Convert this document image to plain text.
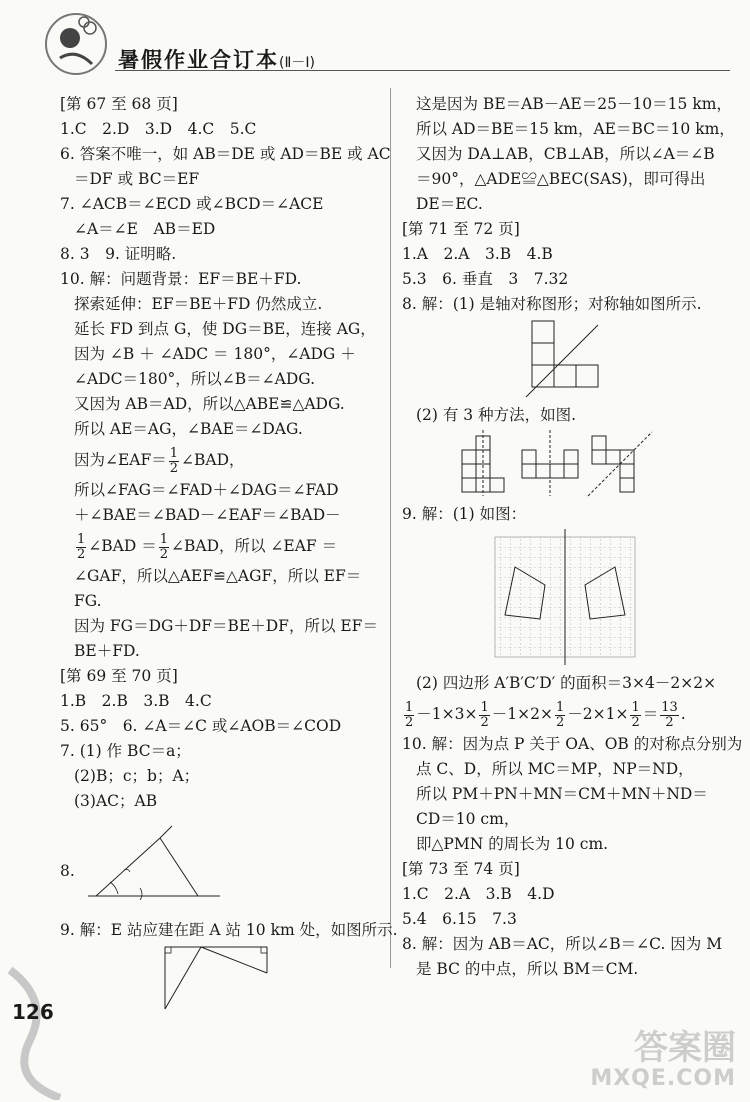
暑假作业合订本(Ⅱ－Ⅰ)
[第 67 至 68 页]
1.C　2.D　3.D　4.C　5.C
6. 答案不唯一，如 AB＝DE 或 AD＝BE 或 AC
＝DF 或 BC＝EF
7. ∠ACB＝∠ECD 或∠BCD＝∠ACE
∠A＝∠E　AB＝ED
8. 3　9. 证明略.
10. 解：问题背景：EF＝BE＋FD.
探索延伸：EF＝BE＋FD 仍然成立.
延长 FD 到点 G，使 DG＝BE，连接 AG，
因为 ∠B ＋ ∠ADC ＝ 180°，∠ADG ＋
∠ADC＝180°，所以∠B＝∠ADG.
又因为 AB＝AD，所以△ABE≌△ADG.
所以 AE＝AG，∠BAE＝∠DAG.
因为∠EAF＝ $\frac{1}{2}$ ∠BAD，
所以∠FAG＝∠FAD＋∠DAG＝∠FAD
＋∠BAE＝∠BAD－∠EAF＝∠BAD－
$\frac{1}{2}$ ∠BAD ＝ $\frac{1}{2}$ ∠BAD，所以 ∠EAF ＝
∠GAF，所以△AEF≌△AGF，所以 EF＝
FG.
因为 FG＝DG＋DF＝BE＋DF，所以 EF＝
BE＋FD.
[第 69 至 70 页]
1.B　2.B　3.B　4.C
5. 65°　6. ∠A＝∠C 或∠AOB＝∠COD
7. (1) 作 BC＝a；
(2)B；c；b；A；
(3)AC；AB
8.
9. 解：E 站应建在距 A 站 10 km 处，如图所示.
这是因为 BE＝AB－AE＝25－10＝15 km，
所以 AD＝BE＝15 km，AE＝BC＝10 km，
又因为 DA⊥AB，CB⊥AB，所以∠A＝∠B
＝90°，△ADE≌△BEC(SAS)，即可得出
DE＝EC.
[第 71 至 72 页]
1.A　2.A　3.B　4.B
5.3　6. 垂直　3　7.32
8. 解：(1) 是轴对称图形；对称轴如图所示.
(2) 有 3 种方法，如图.
9. 解：(1) 如图：
(2) 四边形 A′B′C′D′ 的面积＝3×4－2×2×
$\frac{1}{2} -1\times 3\times \frac{1}{2} -1\times 2\times \frac{1}{2} -2\times 1\times \frac{1}{2} = \frac{13}{2}$ .
10. 解：因为点 P 关于 OA、OB 的对称点分别为
点 C、D，所以 MC＝MP，NP＝ND，
所以 PM＋PN＋MN＝CM＋MN＋ND＝
CD＝10 cm，
即△PMN 的周长为 10 cm.
[第 73 至 74 页]
1.C　2.A　3.B　4.D
5.4　6.15　7.3
8. 解：因为 AB＝AC，所以∠B＝∠C. 因为 M
是 BC 的中点，所以 BM＝CM.
126
答案圈
MXQE.COM
